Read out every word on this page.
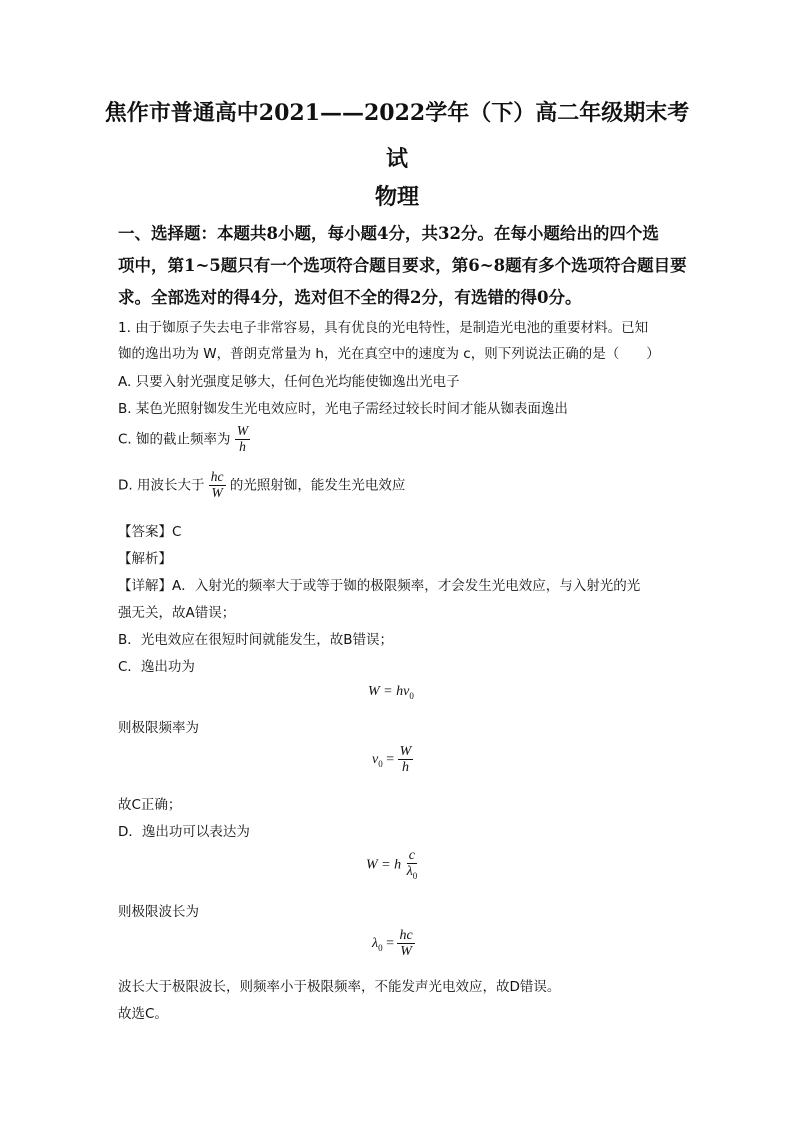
焦作市普通高中2021——2022学年（下）高二年级期末考
试
物理
一、选择题：本题共8小题，每小题4分，共32分。在每小题给出的四个选
项中，第1~5题只有一个选项符合题目要求，第6~8题有多个选项符合题目要
求。全部选对的得4分，选对但不全的得2分，有选错的得0分。
1. 由于铷原子失去电子非常容易，具有优良的光电特性，是制造光电池的重要材料。已知
铷的逸出功为 W，普朗克常量为 h，光在真空中的速度为 c，则下列说法正确的是（　　）
A. 只要入射光强度足够大，任何色光均能使铷逸出光电子
B. 某色光照射铷发生光电效应时，光电子需经过较长时间才能从铷表面逸出
C. 铷的截止频率为 $\frac{W}{h}$
D. 用波长大于 $\frac{hc}{W}$ 的光照射铷，能发生光电效应
【答案】C
【解析】
【详解】A．入射光的频率大于或等于铷的极限频率，才会发生光电效应，与入射光的光
强无关，故A错误；
B．光电效应在很短时间就能发生，故B错误；
C．逸出功为
$W = h\nu_0$
则极限频率为
$\nu_0 = \frac{W}{h}$
故C正确；
D．逸出功可以表达为
W = h $\frac{c}{\lambda_0}$
则极限波长为
$\lambda_0 = \frac{hc}{W}$
波长大于极限波长，则频率小于极限频率，不能发声光电效应，故D错误。
故选C。
